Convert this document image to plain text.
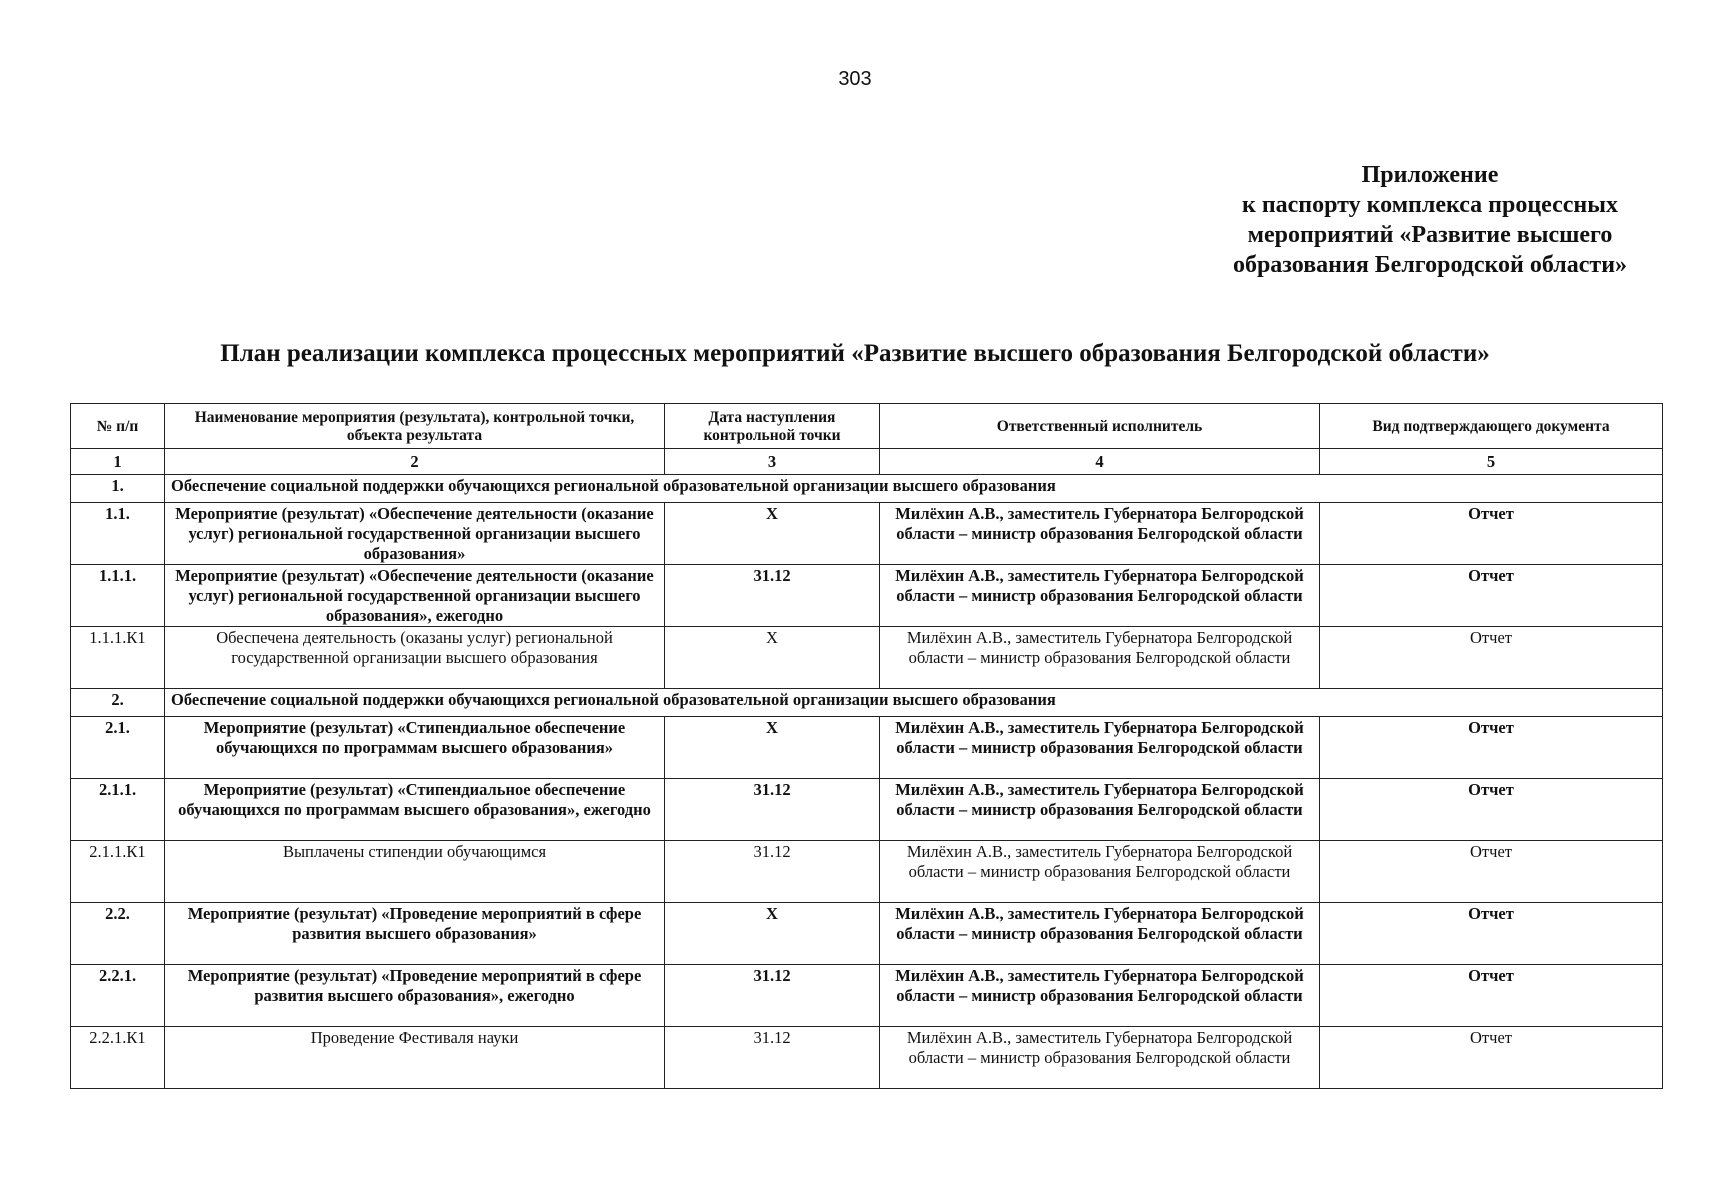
303
Приложение
к паспорту комплекса процессных
мероприятий «Развитие высшего
образования Белгородской области»
План реализации комплекса процессных мероприятий «Развитие высшего образования Белгородской области»
№ п/п	Наименование мероприятия (результата), контрольной точки, объекта результата	Дата наступления контрольной точки	Ответственный исполнитель	Вид подтверждающего документа
1	2	3	4	5
1.	Обеспечение социальной поддержки обучающихся региональной образовательной организации высшего образования			
1.1.	Мероприятие (результат) «Обеспечение деятельности (оказание услуг) региональной государственной организации высшего образования»	Х	Милёхин А.В., заместитель Губернатора Белгородской области – министр образования Белгородской области	Отчет
1.1.1.	Мероприятие (результат) «Обеспечение деятельности (оказание услуг) региональной государственной организации высшего образования», ежегодно	31.12	Милёхин А.В., заместитель Губернатора Белгородской области – министр образования Белгородской области	Отчет
1.1.1.К1	Обеспечена деятельность (оказаны услуг) региональной государственной организации высшего образования	Х	Милёхин А.В., заместитель Губернатора Белгородской области – министр образования Белгородской области	Отчет
2.	Обеспечение социальной поддержки обучающихся региональной образовательной организации высшего образования			
2.1.	Мероприятие (результат) «Стипендиальное обеспечение обучающихся по программам высшего образования»	Х	Милёхин А.В., заместитель Губернатора Белгородской области – министр образования Белгородской области	Отчет
2.1.1.	Мероприятие (результат) «Стипендиальное обеспечение обучающихся по программам высшего образования», ежегодно	31.12	Милёхин А.В., заместитель Губернатора Белгородской области – министр образования Белгородской области	Отчет
2.1.1.К1	Выплачены стипендии обучающимся	31.12	Милёхин А.В., заместитель Губернатора Белгородской области – министр образования Белгородской области	Отчет
2.2.	Мероприятие (результат) «Проведение мероприятий в сфере развития высшего образования»	Х	Милёхин А.В., заместитель Губернатора Белгородской области – министр образования Белгородской области	Отчет
2.2.1.	Мероприятие (результат) «Проведение мероприятий в сфере развития высшего образования», ежегодно	31.12	Милёхин А.В., заместитель Губернатора Белгородской области – министр образования Белгородской области	Отчет
2.2.1.К1	Проведение Фестиваля науки	31.12	Милёхин А.В., заместитель Губернатора Белгородской области – министр образования Белгородской области	Отчет
